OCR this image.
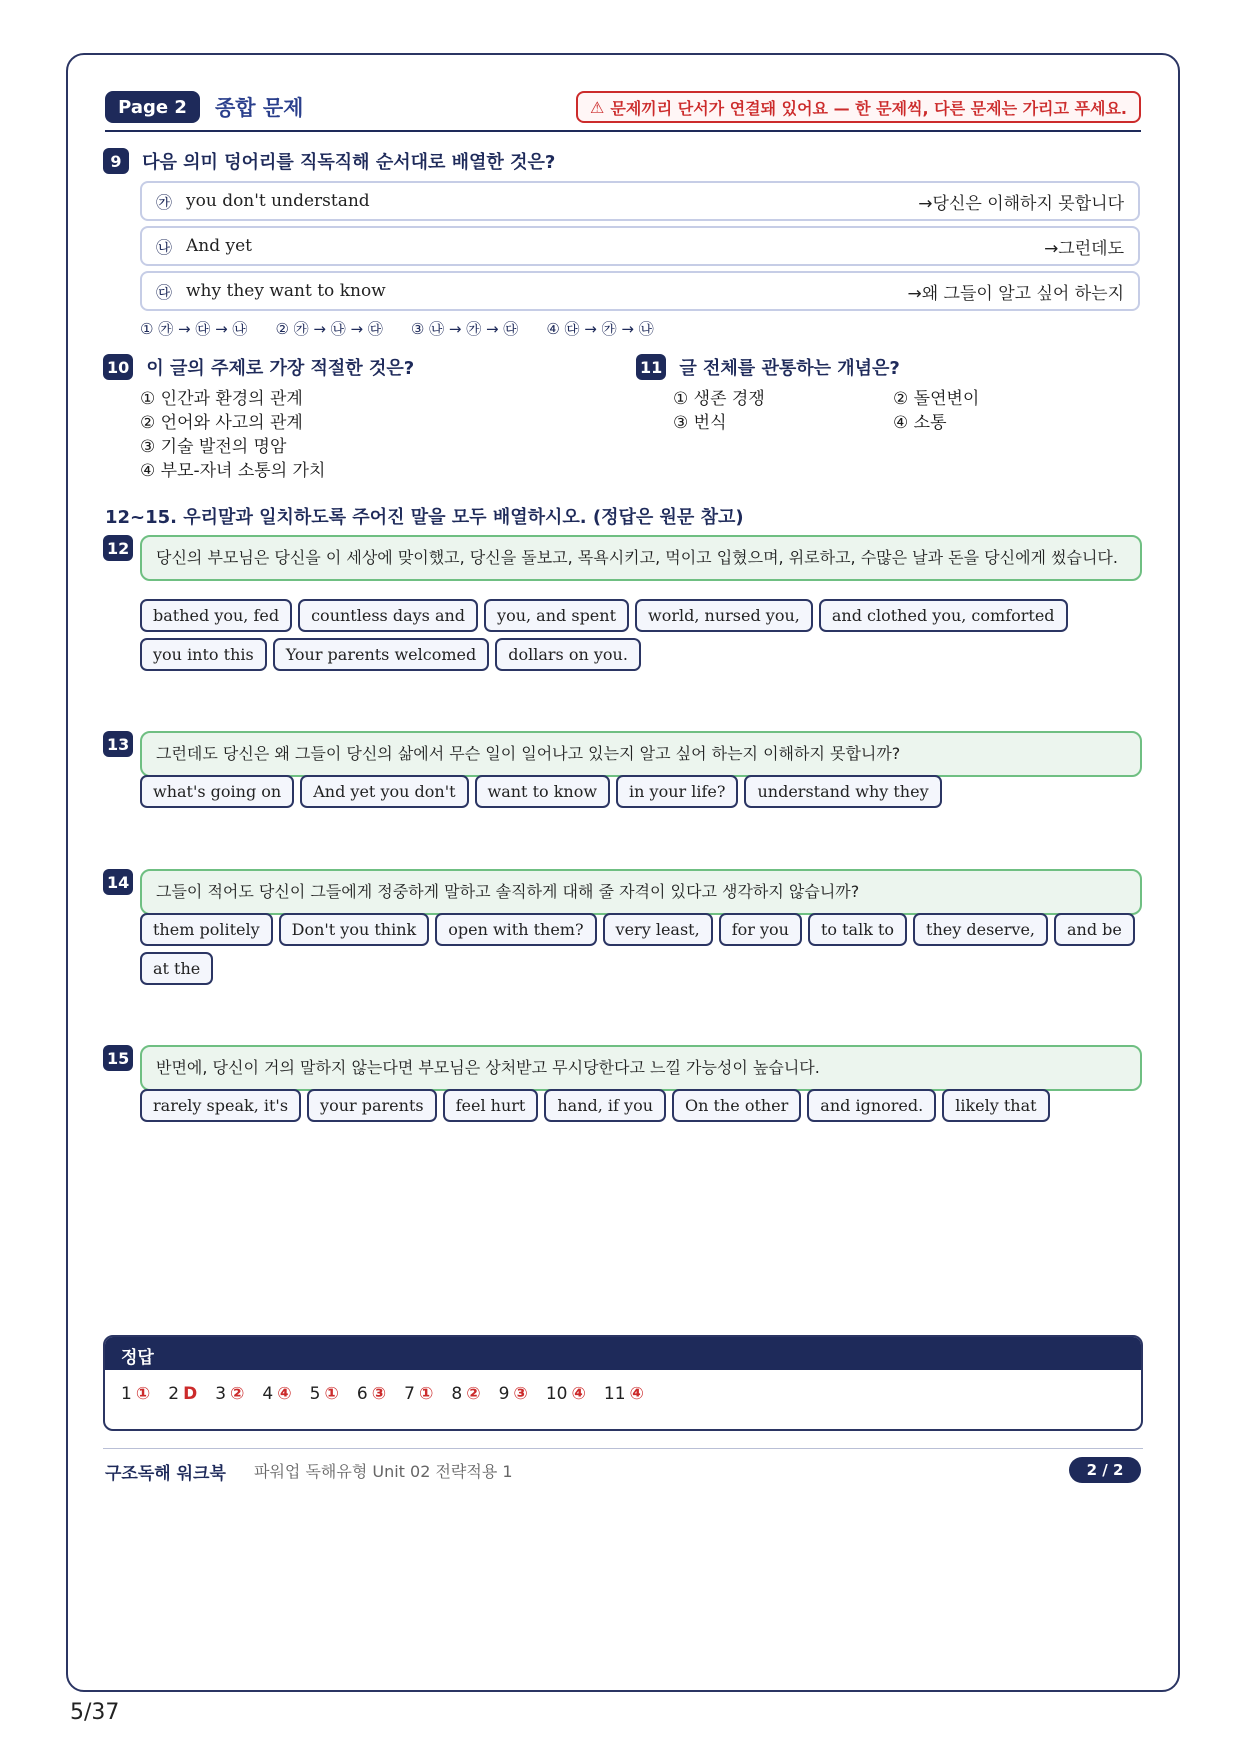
Page 2	종합 문제	⚠ 문제끼리 단서가 연결돼 있어요 — 한 문제씩, 다른 문제는 가리고 푸세요.
9 다음 의미 덩어리를 직독직해 순서대로 배열한 것은?
㉮ you don't understand	→당신은 이해하지 못합니다
㉯ And yet	→그런데도
㉰ why they want to know	→왜 그들이 알고 싶어 하는지
① ㉮ → ㉰ → ㉯ ② ㉮ → ㉯ → ㉰ ③ ㉯ → ㉮ → ㉰ ④ ㉰ → ㉮ → ㉯
10 이 글의 주제로 가장 적절한 것은?
① 인간과 환경의 관계
② 언어와 사고의 관계
③ 기술 발전의 명암
④ 부모-자녀 소통의 가치
11 글 전체를 관통하는 개념은?
① 생존 경쟁	② 돌연변이
③ 번식	④ 소통
12~15. 우리말과 일치하도록 주어진 말을 모두 배열하시오. (정답은 원문 참고)
12	당신의 부모님은 당신을 이 세상에 맞이했고, 당신을 돌보고, 목욕시키고, 먹이고 입혔으며, 위로하고, 수많은 날과 돈을 당신에게 썼습니다.
bathed you, fed	countless days and	you, and spent	world, nursed you,	and clothed you, comforted
you into this	Your parents welcomed	dollars on you.
13	그런데도 당신은 왜 그들이 당신의 삶에서 무슨 일이 일어나고 있는지 알고 싶어 하는지 이해하지 못합니까?
what's going on	And yet you don't	want to know	in your life?	understand why they
14	그들이 적어도 당신이 그들에게 정중하게 말하고 솔직하게 대해 줄 자격이 있다고 생각하지 않습니까?
them politely	Don't you think	open with them?	very least,	for you	to talk to	they deserve,	and be
at the
15	반면에, 당신이 거의 말하지 않는다면 부모님은 상처받고 무시당한다고 느낄 가능성이 높습니다.
rarely speak, it's	your parents	feel hurt	hand, if you	On the other	and ignored.	likely that
정답
1 ① 2 D 3 ② 4 ④ 5 ① 6 ③ 7 ① 8 ② 9 ③ 10 ④ 11 ④
구조독해 워크북 파워업 독해유형 Unit 02 전략적용 1	2 / 2
5/37
